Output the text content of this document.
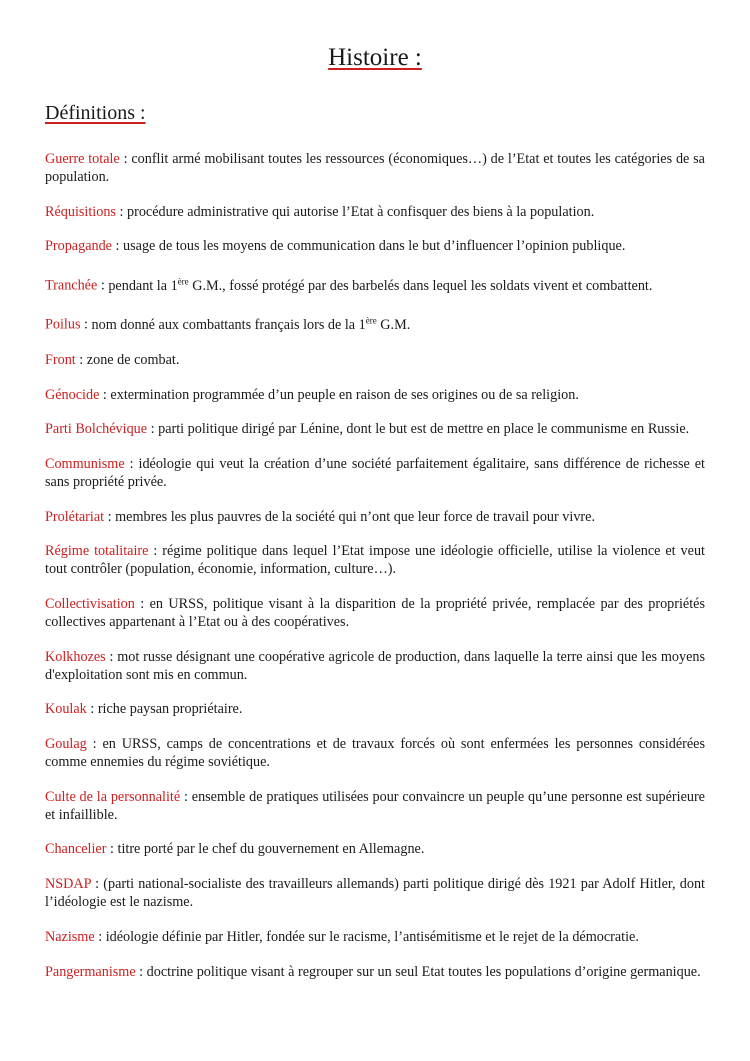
Histoire :
Définitions :

Guerre totale : conflit armé mobilisant toutes les ressources (économiques…) de l’Etat et toutes les catégories de sa population.

Réquisitions : procédure administrative qui autorise l’Etat à confisquer des biens à la population.

Propagande : usage de tous les moyens de communication dans le but d’influencer l’opinion publique.

Tranchée : pendant la 1ère G.M., fossé protégé par des barbelés dans lequel les soldats vivent et combattent.

Poilus : nom donné aux combattants français lors de la 1ère G.M.

Front : zone de combat.

Génocide : extermination programmée d’un peuple en raison de ses origines ou de sa religion.

Parti Bolchévique : parti politique dirigé par Lénine, dont le but est de mettre en place le communisme en Russie.

Communisme : idéologie qui veut la création d’une société parfaitement égalitaire, sans différence de richesse et sans propriété privée.

Prolétariat : membres les plus pauvres de la société qui n’ont que leur force de travail pour vivre.

Régime totalitaire : régime politique dans lequel l’Etat impose une idéologie officielle, utilise la violence et veut tout contrôler (population, économie, information, culture…).

Collectivisation : en URSS, politique visant à la disparition de la propriété privée, remplacée par des propriétés collectives appartenant à l’Etat ou à des coopératives.

Kolkhozes : mot russe désignant une coopérative agricole de production, dans laquelle la terre ainsi que les moyens d'exploitation sont mis en commun.

Koulak : riche paysan propriétaire.

Goulag : en URSS, camps de concentrations et de travaux forcés où sont enfermées les personnes considérées comme ennemies du régime soviétique.

Culte de la personnalité : ensemble de pratiques utilisées pour convaincre un peuple qu’une personne est supérieure et infaillible.

Chancelier : titre porté par le chef du gouvernement en Allemagne.

NSDAP : (parti national-socialiste des travailleurs allemands) parti politique dirigé dès 1921 par Adolf Hitler, dont l’idéologie est le nazisme.

Nazisme : idéologie définie par Hitler, fondée sur le racisme, l’antisémitisme et le rejet de la démocratie.

Pangermanisme : doctrine politique visant à regrouper sur un seul Etat toutes les populations d’origine germanique.
